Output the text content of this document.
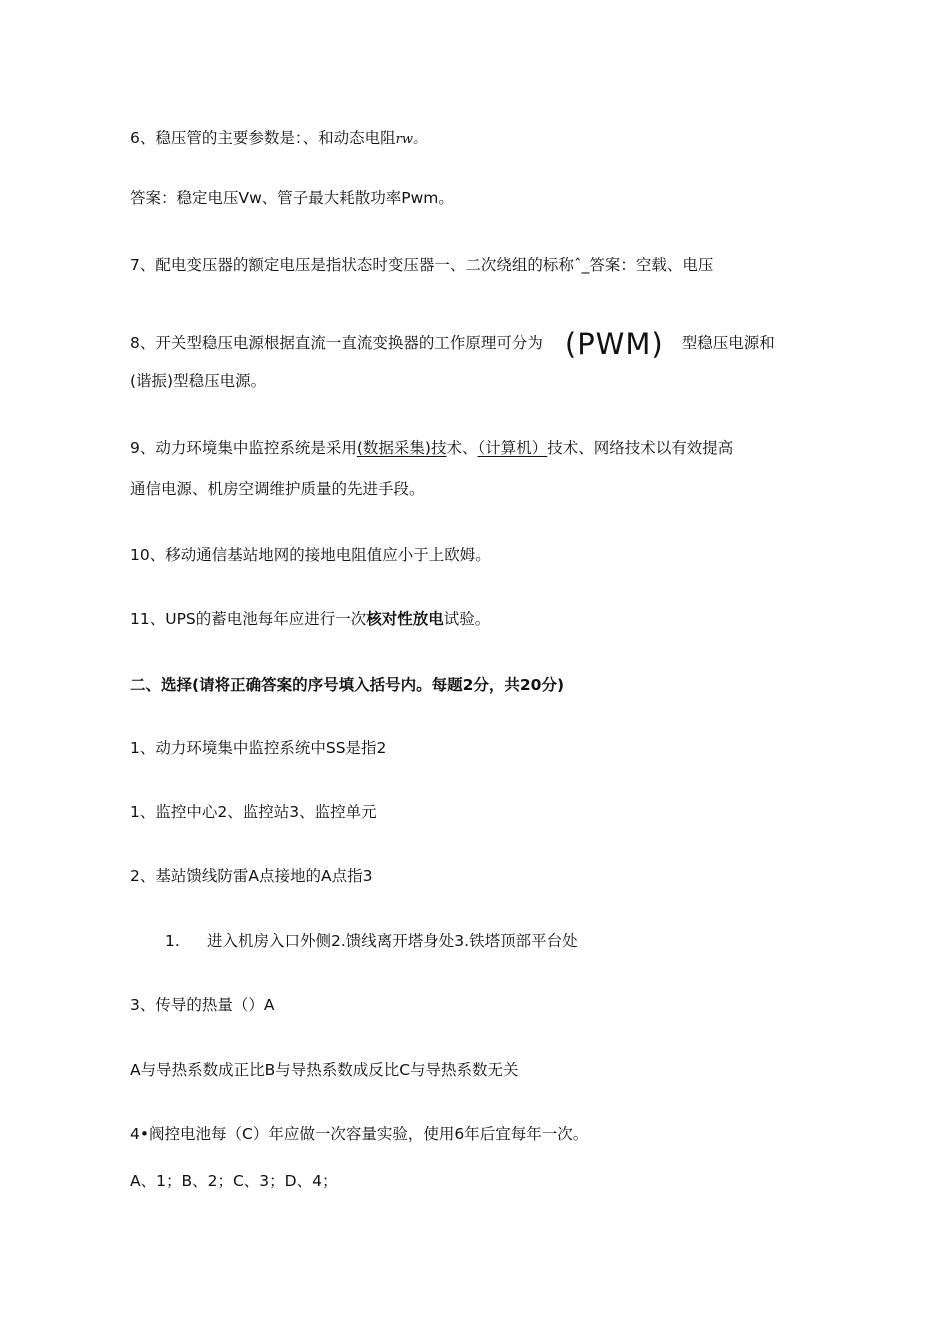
6、稳压管的主要参数是：、和动态电阻rw。
答案：稳定电压Vw、管子最大耗散功率Pwm。
7、配电变压器的额定电压是指状态时变压器一、二次绕组的标称ˆ_答案：空载、电压
8、开关型稳压电源根据直流一直流变换器的工作原理可分为 (PWM) 型稳压电源和
(谐振)型稳压电源。
9、动力环境集中监控系统是采用(数据采集)技术、（计算机）技术、网络技术以有效提高
通信电源、机房空调维护质量的先进手段。
10、移动通信基站地网的接地电阻值应小于上欧姆。
11、UPS的蓄电池每年应进行一次核对性放电试验。
二、选择(请将正确答案的序号填入括号内。每题2分，共20分)
1、动力环境集中监控系统中SS是指2
1、监控中心2、监控站3、监控单元
2、基站馈线防雷A点接地的A点指3
1. 进入机房入口外侧2.馈线离开塔身处3.铁塔顶部平台处
3、传导的热量（）A
A与导热系数成正比B与导热系数成反比C与导热系数无关
4•阀控电池每（C）年应做一次容量实验，使用6年后宜每年一次。
A、1；B、2；C、3；D、4；
